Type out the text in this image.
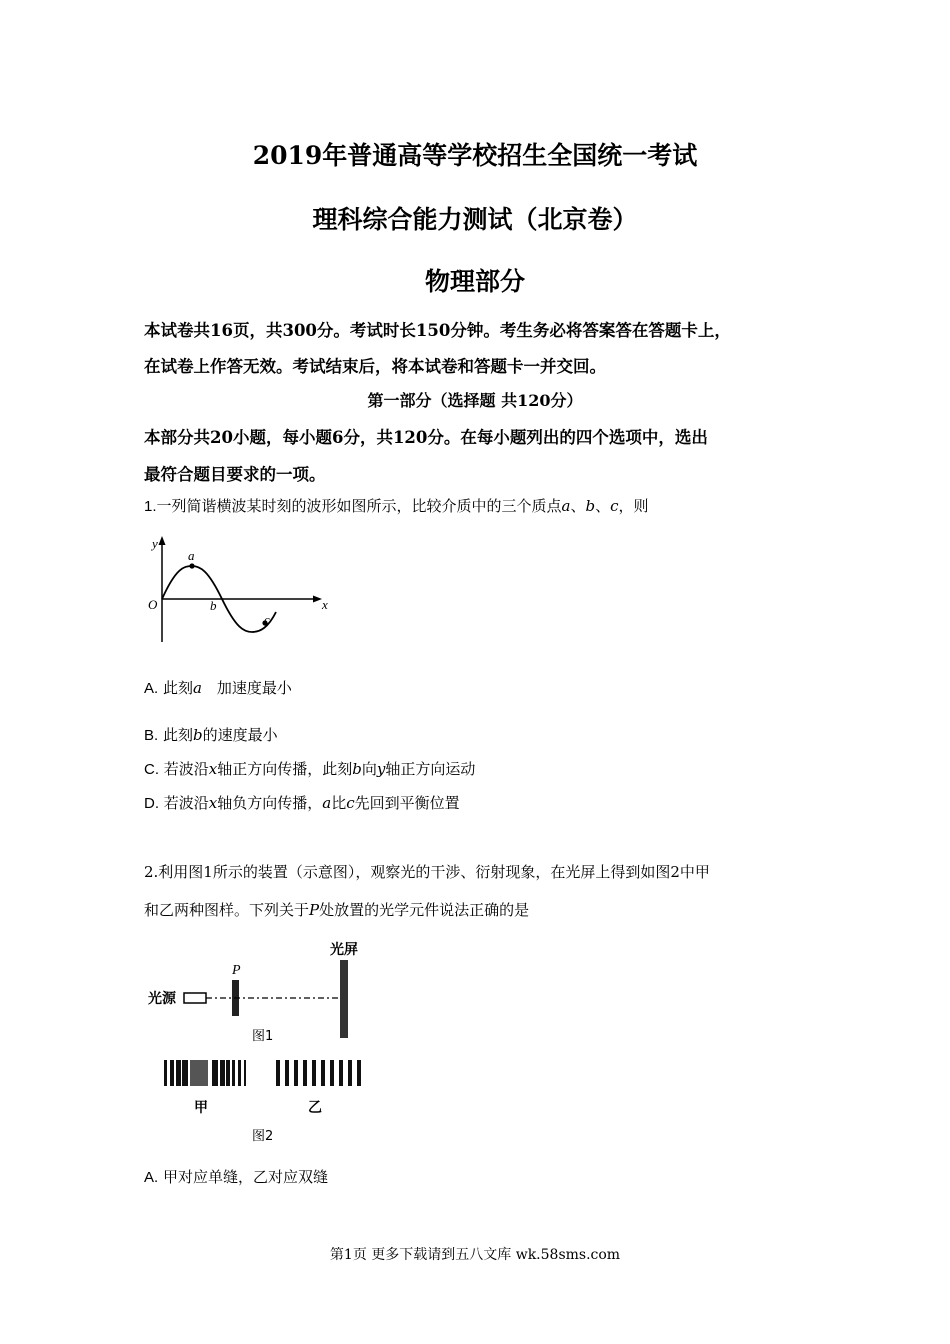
2019年普通高等学校招生全国统一考试
理科综合能力测试（北京卷）
物理部分
本试卷共16页，共300分。考试时长150分钟。考生务必将答案答在答题卡上，
在试卷上作答无效。考试结束后，将本试卷和答题卡一并交回。
第一部分（选择题 共120分）
本部分共20小题，每小题6分，共120分。在每小题列出的四个选项中，选出
最符合题目要求的一项。
1.一列简谐横波某时刻的波形如图所示，比较介质中的三个质点a、b、c，则
y
x
O
a
b
c
A. 此刻a　加速度最小
B. 此刻b的速度最小
C. 若波沿x轴正方向传播，此刻b向y轴正方向运动
D. 若波沿x轴负方向传播，a比c先回到平衡位置
2.利用图1所示的装置（示意图），观察光的干涉、衍射现象，在光屏上得到如图2中甲
和乙两种图样。下列关于P处放置的光学元件说法正确的是
光源
P
光屏
图1
甲	乙
图2
A. 甲对应单缝，乙对应双缝
第1页 更多下载请到五八文库 wk.58sms.com
